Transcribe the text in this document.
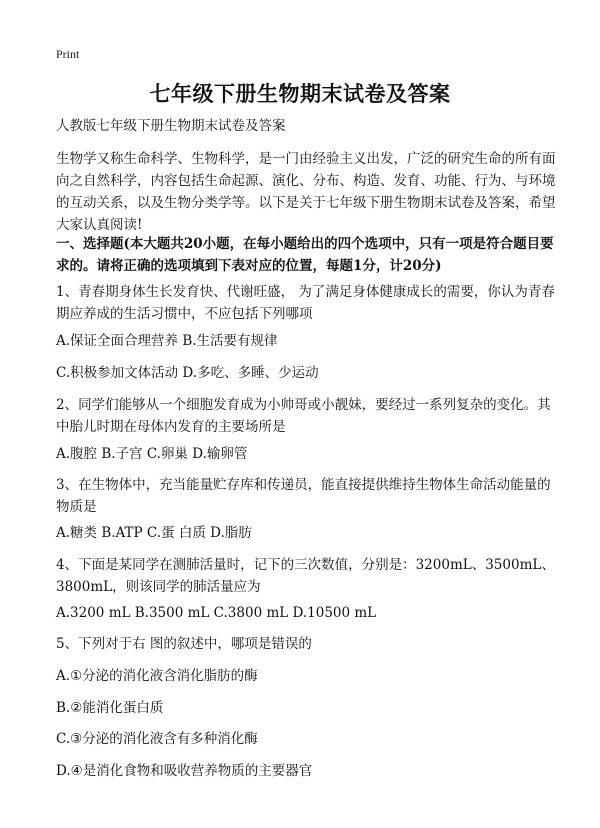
Print
七年级下册生物期末试卷及答案
人教版七年级下册生物期末试卷及答案
生物学又称生命科学、生物科学，是一门由经验主义出发，广泛的研究生命的所有面向之自然科学，内容包括生命起源、演化、分布、构造、发育、功能、行为、与环境的互动关系，以及生物分类学等。以下是关于七年级下册生物期末试卷及答案，希望大家认真阅读!
一、选择题(本大题共20小题，在每小题给出的四个选项中，只有一项是符合题目要求的。请将正确的选项填到下表对应的位置，每题1分，计20分)
1、青春期身体生长发育快、代谢旺盛， 为了满足身体健康成长的需要，你认为青春期应养成的生活习惯中，不应包括下列哪项
A.保证全面合理营养 B.生活要有规律
C.积极参加文体活动 D.多吃、多睡、少运动
2、同学们能够从一个细胞发育成为小帅哥或小靓妹，要经过一系列复杂的变化。其中胎儿时期在母体内发育的主要场所是
A.腹腔 B.子宫 C.卵巢 D.输卵管
3、在生物体中，充当能量贮存库和传递员，能直接提供维持生物体生命活动能量的物质是
A.糖类 B.ATP C.蛋 白质 D.脂肪
4、下面是某同学在测肺活量时，记下的三次数值，分别是：3200mL、3500mL、3800mL，则该同学的肺活量应为
A.3200 mL B.3500 mL C.3800 mL D.10500 mL
5、下列对于右 图的叙述中，哪项是错误的
A.①分泌的消化液含消化脂肪的酶
B.②能消化蛋白质
C.③分泌的消化液含有多种消化酶
D.④是消化食物和吸收营养物质的主要器官
